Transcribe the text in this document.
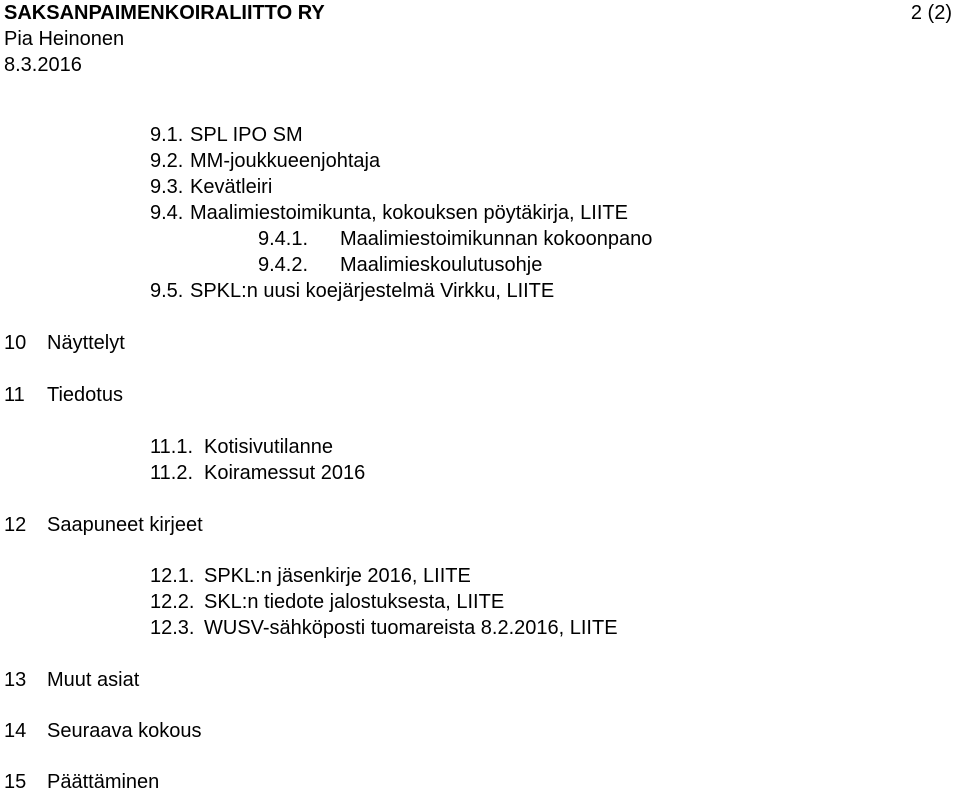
SAKSANPAIMENKOIRALIITTO RY	2 (2)
Pia Heinonen
8.3.2016
9.1. SPL IPO SM
9.2. MM-joukkueenjohtaja
9.3. Kevätleiri
9.4. Maalimiestoimikunta, kokouksen pöytäkirja, LIITE
9.4.1. Maalimiestoimikunnan kokoonpano
9.4.2. Maalimieskoulutusohje
9.5. SPKL:n uusi koejärjestelmä Virkku, LIITE
10 Näyttelyt
11 Tiedotus
11.1. Kotisivutilanne
11.2. Koiramessut 2016
12 Saapuneet kirjeet
12.1. SPKL:n jäsenkirje 2016, LIITE
12.2. SKL:n tiedote jalostuksesta, LIITE
12.3. WUSV-sähköposti tuomareista 8.2.2016, LIITE
13 Muut asiat
14 Seuraava kokous
15 Päättäminen
